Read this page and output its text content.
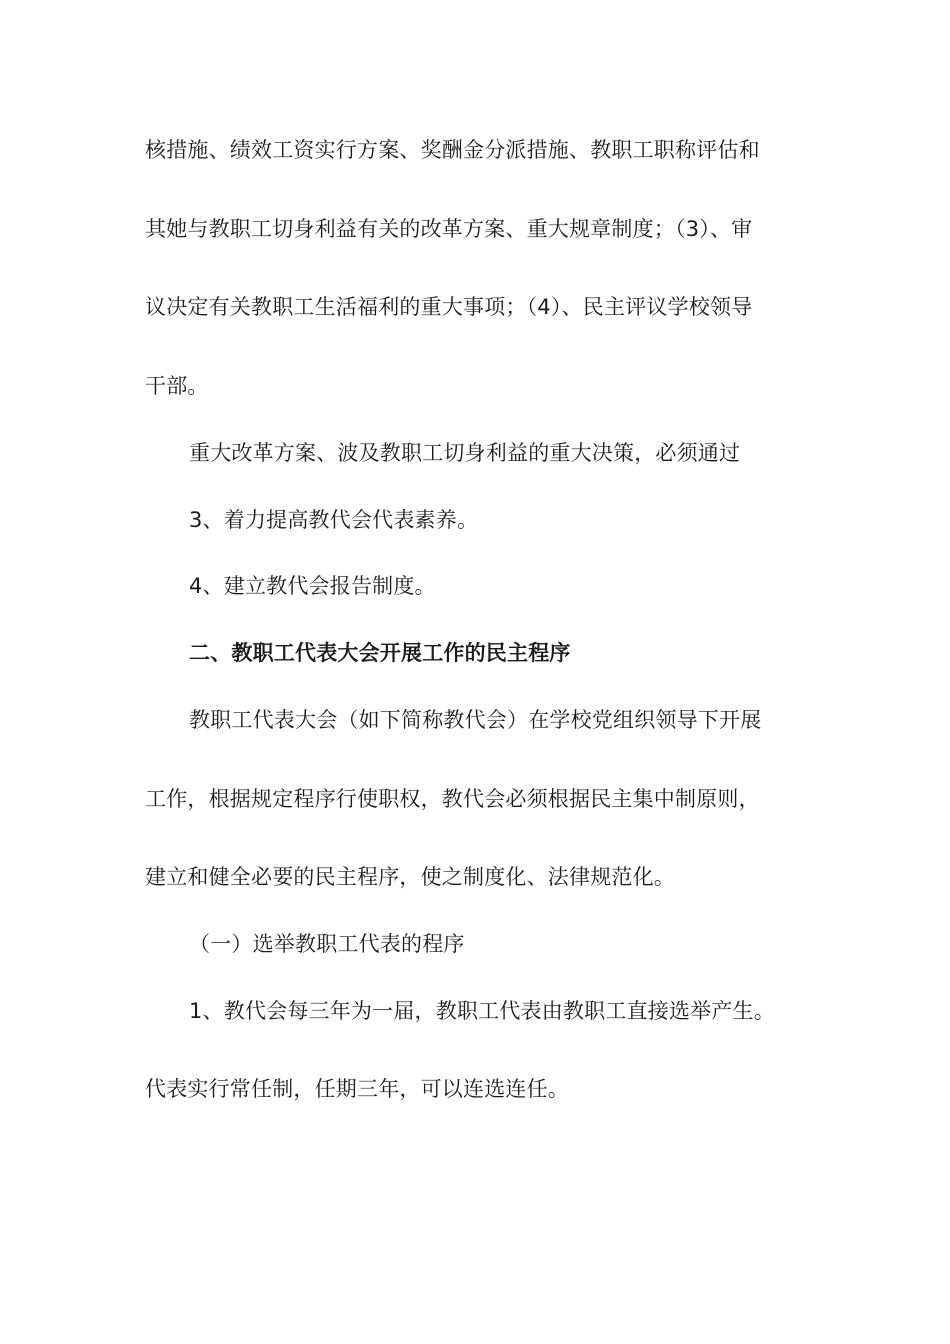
核措施、绩效工资实行方案、奖酬金分派措施、教职工职称评估和
其她与教职工切身利益有关的改革方案、重大规章制度；（3）、审
议决定有关教职工生活福利的重大事项；（4）、民主评议学校领导
干部。
重大改革方案、波及教职工切身利益的重大决策，必须通过
3、着力提高教代会代表素养。
4、建立教代会报告制度。
二、教职工代表大会开展工作的民主程序
教职工代表大会（如下简称教代会）在学校党组织领导下开展
工作，根据规定程序行使职权，教代会必须根据民主集中制原则，
建立和健全必要的民主程序，使之制度化、法律规范化。
（一）选举教职工代表的程序
1、教代会每三年为一届，教职工代表由教职工直接选举产生。
代表实行常任制，任期三年，可以连选连任。
